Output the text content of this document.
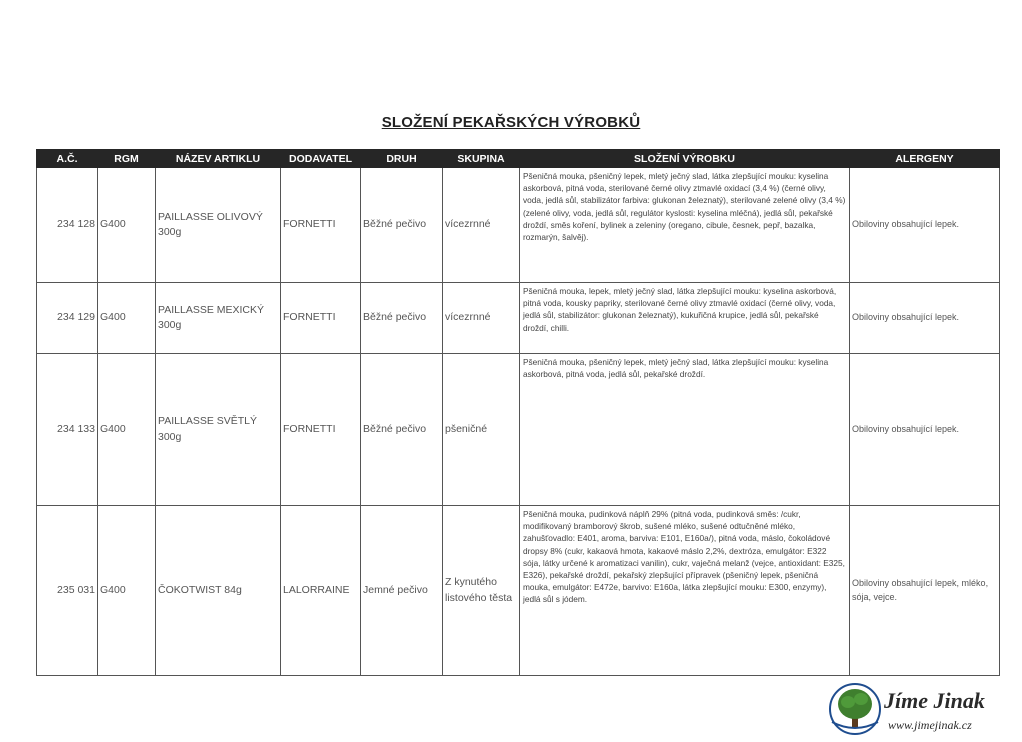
SLOŽENÍ PEKAŘSKÝCH VÝROBKŮ
A.Č.	RGM	NÁZEV ARTIKLU	DODAVATEL	DRUH	SKUPINA	SLOŽENÍ VÝROBKU	ALERGENY
234 128	G400	PAILLASSE OLIVOVÝ 300g	FORNETTI	Běžné pečivo	vícezrnné	Pšeničná mouka, pšeničný lepek, mletý ječný slad, látka zlepšující mouku: kyselina askorbová, pitná voda, sterilované černé olivy ztmavlé oxidací (3,4 %) (černé olivy, voda, jedlá sůl, stabilizátor farbiva: glukonan železnatý), sterilované zelené olivy (3,4 %) (zelené olivy, voda, jedlá sůl, regulátor kyslosti: kyselina mléčná), jedlá sůl, pekařské droždí, směs koření, bylinek a zeleniny (oregano, cibule, česnek, pepř, bazalka, rozmarýn, šalvěj).	Obiloviny obsahující lepek.
234 129	G400	PAILLASSE MEXICKÝ 300g	FORNETTI	Běžné pečivo	vícezrnné	Pšeničná mouka, lepek, mletý ječný slad, látka zlepšující mouku: kyselina askorbová, pitná voda, kousky papriky, sterilované černé olivy ztmavlé oxidací (černé olivy, voda, jedlá sůl, stabilizátor: glukonan železnatý), kukuřičná krupice, jedlá sůl, pekařské droždí, chilli.	Obiloviny obsahující lepek.
234 133	G400	PAILLASSE SVĚTLÝ 300g	FORNETTI	Běžné pečivo	pšeničné	Pšeničná mouka, pšeničný lepek, mletý ječný slad, látka zlepšující mouku: kyselina askorbová, pitná voda, jedlá sůl, pekařské droždí.	Obiloviny obsahující lepek.
235 031	G400	ČOKOTWIST 84g	LALORRAINE	Jemné pečivo	Z kynutého listového těsta	Pšeničná mouka, pudinková náplň 29% (pitná voda, pudinková směs: /cukr, modifikovaný bramborový škrob, sušené mléko, sušené odtučněné mléko, zahušťovadlo: E401, aroma, barviva: E101, E160a/), pitná voda, máslo, čokoládové dropsy 8% (cukr, kakaová hmota, kakaové máslo 2,2%, dextróza, emulgátor: E322 sója, látky určené k aromatizaci vanilin), cukr, vaječná melanž (vejce, antioxidant: E325, E326), pekařské droždí, pekařský zlepšující přípravek (pšeničný lepek, pšeničná mouka, emulgátor: E472e, barvivo: E160a, látka zlepšující mouku: E300, enzymy), jedlá sůl s jódem.	Obiloviny obsahující lepek, mléko, sója, vejce.
Jíme Jinak
www.jimejinak.cz
